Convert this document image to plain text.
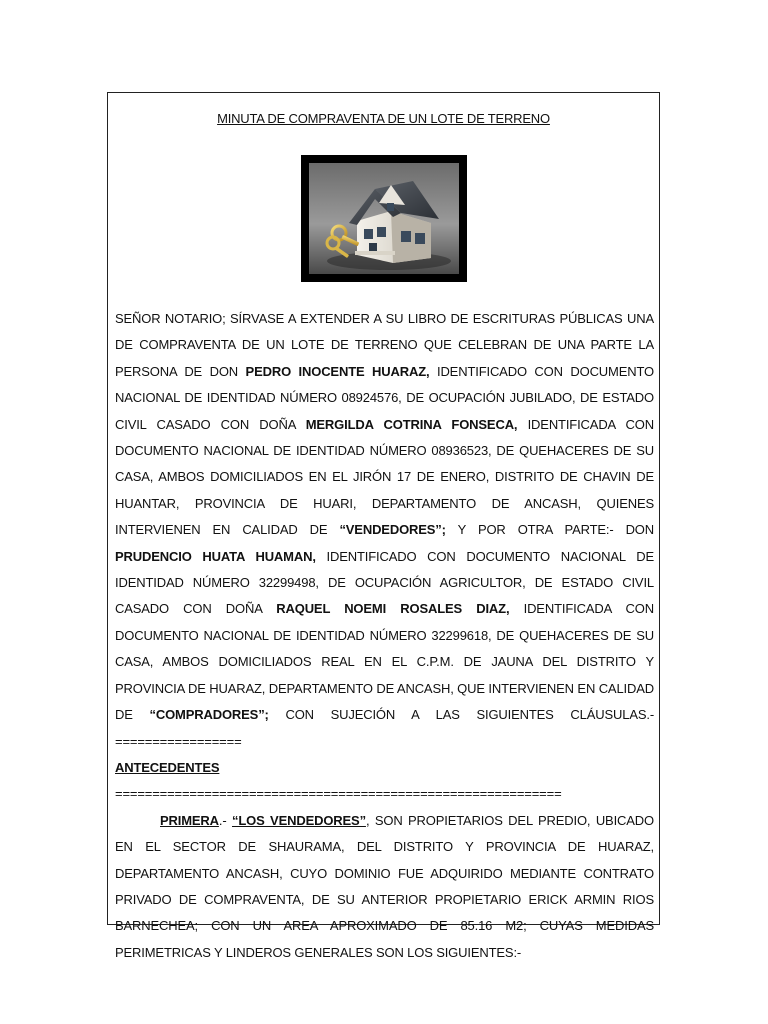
MINUTA DE COMPRAVENTA DE UN LOTE DE TERRENO

SEÑOR NOTARIO; SÍRVASE A EXTENDER A SU LIBRO DE ESCRITURAS PÚBLICAS UNA DE COMPRAVENTA DE UN LOTE DE TERRENO QUE CELEBRAN DE UNA PARTE LA PERSONA DE DON PEDRO INOCENTE HUARAZ, IDENTIFICADO CON DOCUMENTO NACIONAL DE IDENTIDAD NÚMERO 08924576, DE OCUPACIÓN JUBILADO, DE ESTADO CIVIL CASADO CON DOÑA MERGILDA COTRINA FONSECA, IDENTIFICADA CON DOCUMENTO NACIONAL DE IDENTIDAD NÚMERO 08936523, DE QUEHACERES DE SU CASA, AMBOS DOMICILIADOS EN EL JIRÓN 17 DE ENERO, DISTRITO DE CHAVIN DE HUANTAR, PROVINCIA DE HUARI, DEPARTAMENTO DE ANCASH, QUIENES INTERVIENEN EN CALIDAD DE “VENDEDORES”; Y POR OTRA PARTE:- DON PRUDENCIO HUATA HUAMAN, IDENTIFICADO CON DOCUMENTO NACIONAL DE IDENTIDAD NÚMERO 32299498, DE OCUPACIÓN AGRICULTOR, DE ESTADO CIVIL CASADO CON DOÑA RAQUEL NOEMI ROSALES DIAZ, IDENTIFICADA CON DOCUMENTO NACIONAL DE IDENTIDAD NÚMERO 32299618, DE QUEHACERES DE SU CASA, AMBOS DOMICILIADOS REAL EN EL C.P.M. DE JAUNA DEL DISTRITO Y PROVINCIA DE HUARAZ, DEPARTAMENTO DE ANCASH, QUE INTERVIENEN EN CALIDAD DE “COMPRADORES”; CON SUJECIÓN A LAS SIGUIENTES CLÁUSULAS.- =================
ANTECEDENTES ============================================================
PRIMERA.- “LOS VENDEDORES”, SON PROPIETARIOS DEL PREDIO, UBICADO EN EL SECTOR DE SHAURAMA, DEL DISTRITO Y PROVINCIA DE HUARAZ, DEPARTAMENTO ANCASH, CUYO DOMINIO FUE ADQUIRIDO MEDIANTE CONTRATO PRIVADO DE COMPRAVENTA, DE SU ANTERIOR PROPIETARIO ERICK ARMIN RIOS BARNECHEA; CON UN AREA APROXIMADO DE 85.16 M2; CUYAS MEDIDAS PERIMETRICAS Y LINDEROS GENERALES SON LOS SIGUIENTES:-
